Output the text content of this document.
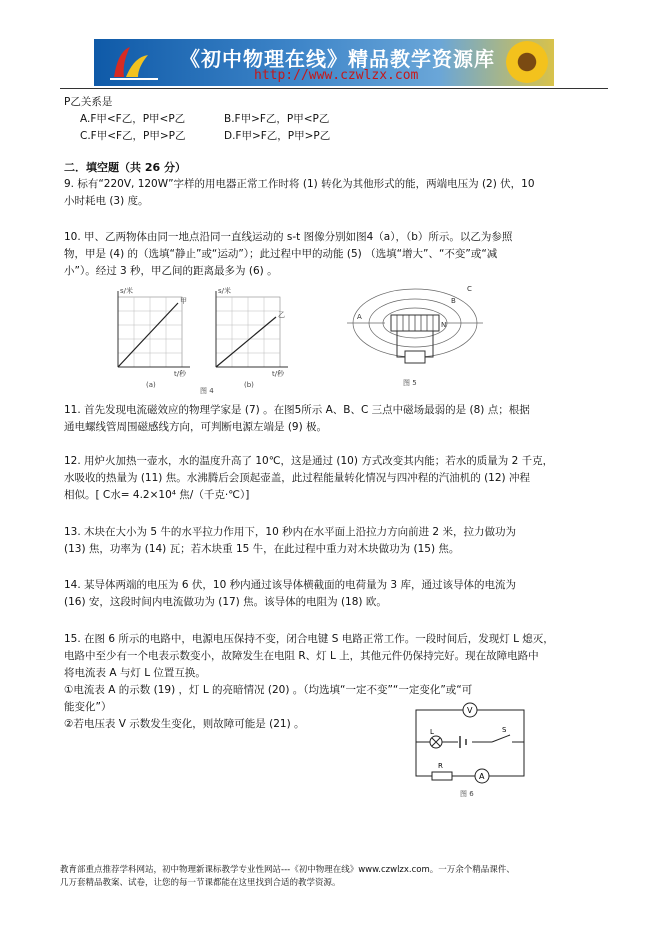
《初中物理在线》精品教学资源库
http://www.czwlzx.com
P乙关系是
A.F甲<F乙，P甲<P乙	B.F甲>F乙，P甲<P乙
C.F甲<F乙，P甲>P乙	D.F甲>F乙，P甲>P乙
二．填空题（共 26 分）
9. 标有“220V, 120W”字样的用电器正常工作时将 (1) 转化为其他形式的能，两端电压为 (2) 伏，10
小时耗电 (3) 度。
10. 甲、乙两物体由同一地点沿同一直线运动的 s-t 图像分别如图4（a），（b）所示。以乙为参照
物，甲是 (4) 的（选填“静止”或“运动”）；此过程中甲的动能 (5) （选填“增大”、“不变”或“减
小”）。经过 3 秒，甲乙间的距离最多为 (6) 。
s/米
t/秒
甲
(a)
s/米
t/秒
乙
(b)
图 4
N
A
B
C
图 5
11. 首先发现电流磁效应的物理学家是 (7) 。在图5所示 A、B、C 三点中磁场最弱的是 (8) 点；根据
通电螺线管周围磁感线方向，可判断电源左端是 (9) 极。
12. 用炉火加热一壶水，水的温度升高了 10℃，这是通过 (10) 方式改变其内能；若水的质量为 2 千克，
水吸收的热量为 (11) 焦。水沸腾后会顶起壶盖，此过程能量转化情况与四冲程的汽油机的 (12) 冲程
相似。[ C水= 4.2×10⁴ 焦/（千克·℃）]
13. 木块在大小为 5 牛的水平拉力作用下，10 秒内在水平面上沿拉力方向前进 2 米，拉力做功为
(13) 焦，功率为 (14) 瓦；若木块重 15 牛，在此过程中重力对木块做功为 (15) 焦。
14. 某导体两端的电压为 6 伏，10 秒内通过该导体横截面的电荷量为 3 库，通过该导体的电流为
(16) 安，这段时间内电流做功为 (17) 焦。该导体的电阻为 (18) 欧。
15. 在图 6 所示的电路中，电源电压保持不变，闭合电键 S 电路正常工作。一段时间后，发现灯 L 熄灭，
电路中至少有一个电表示数变小，故障发生在电阻 R、灯 L 上，其他元件仍保持完好。现在故障电路中
将电流表 A 与灯 L 位置互换。
①电流表 A 的示数 (19) ，灯 L 的亮暗情况 (20) 。（均选填“一定不变”“一定变化”或“可
能变化”）
②若电压表 V 示数发生变化，则故障可能是 (21) 。
V
L	S
R
A
图 6
教育部重点推荐学科网站，初中物理新课标教学专业性网站---《初中物理在线》www.czwlzx.com。一万余个精品课件、
几万套精品教案、试卷，让您的每一节课都能在这里找到合适的教学资源。
